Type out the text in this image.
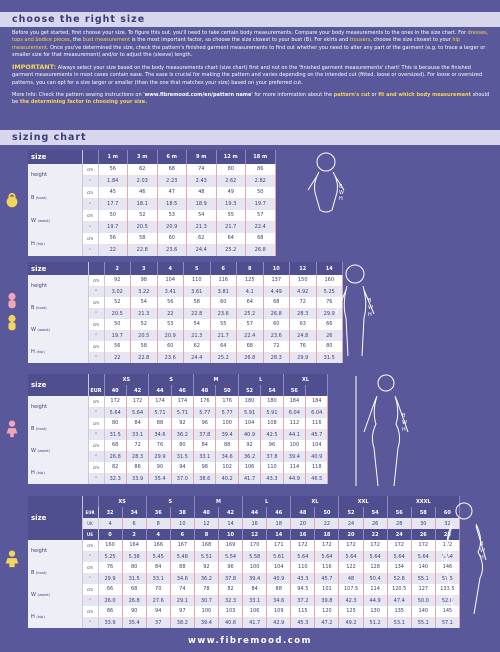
choose the right size

Before you get started, first choose your size. To figure this out, you'll need to take certain body measurements. Compare your body measurements to the ones in the size chart. For dresses, tops and bodice pieces, the bust measurement is the most important factor, so choose the size closest to your bust (B). For skirts and trousers, choose the size closest to your hip measurement. Once you've determined the size, check the pattern's finished garment measurements to find out whether you need to alter any part of the garment (e.g. to trace a larger or smaller size for that measurement) and/or to adjust the (sleeve) length.

IMPORTANT: Always select your size based on the body measurements chart (size chart) first and not on the 'finished garment measurements' chart! This is because the finished garment measurements in most cases contain ease. The ease is crucial for making the pattern and varies depending on the intended cut (fitted, loose or oversized). For loose or oversized patterns, you can opt for a size larger or smaller (than the one that matches your size) based on your preferred cut.

More Info: Check the pattern sewing instructions on 'www.fibremood.com/en/pattern name' for more information about the pattern's cut or fit and which body measurement should be the determining factor in choosing your size.

sizing chart
size		1 m	3 m	6 m	9 m	12 m	18 m
height	cm	56	62	68	74	80	86
	"	1.84	2.03	2.23	2.43	2.62	2.82
B (bust)	cm	45	46	47	48	49	50
	"	17.7	18.1	18.5	18.9	19.3	19.7
W (waist)	cm	50	52	53	54	55	57
	"	19.7	20.5	20.9	21.3	21.7	22.4
H (hip)	cm	56	58	60	62	64	68
	"	22	22.8	23.6	24.4	25.2	26.8
size		2	3	4	5	6	8	10	12	14
height	cm	92	98	104	110	116	125	137	150	160
	"	3.02	3.22	3.41	3.61	3.81	4.1	4.49	4.92	5.25
B (bust)	cm	52	54	56	58	60	64	68	72	76
	"	20.5	21.3	22	22.8	23.6	25.2	26.8	28.3	29.9
W (waist)	cm	50	52	53	54	55	57	60	63	66
	"	19.7	20.5	20.9	21.3	21.7	22.4	23.6	24.8	26
H (hip)	cm	56	58	60	62	64	68	72	76	80
	"	22	22.8	23.6	24.4	25.2	26.8	28.3	29.9	31.5
size		XS		S		M		L		XL	
	EUR	40	42	44	46	48	50	52	54	56	
height	cm	172	172	174	174	176	176	180	180	184	184
	"	5.64	5.64	5.71	5.71	5.77	5.77	5.91	5.91	6.04	6.04
B (bust)	cm	80	84	88	92	96	100	104	108	112	116
	"	31.5	33.1	34.6	36.2	37.8	39.4	40.9	42.5	44.1	45.7
W (waist)	cm	68	72	76	80	84	88	92	96	100	104
	"	26.8	28.3	29.9	31.5	33.1	34.6	36.2	37.8	39.4	40.9
H (hip)	cm	82	86	90	94	98	102	106	110	114	118
	"	32.3	33.9	35.4	37.0	38.6	40.2	41.7	43.3	44.9	46.5
size		XS		S		M		L		XL		XXL		XXXL		
	EUR	32	34	36	38	40	42	44	46	48	50	52	54	56	58	60
	UK	4	6	8	10	12	14	16	18	20	22	24	26	28	30	32
	US	0	2	4	6	8	10	12	14	16	18	20	22	24	26	28
height	cm	160	164	166	167	168	169	170	171	172	172	172	172	172	172	172
	"	5.25	5.38	5.45	5.48	5.51	5.54	5.58	5.61	5.64	5.64	5.64	5.64	5.64	5.64	5.64
B (bust)	cm	76	80	84	88	92	96	100	104	110	116	122	128	134	140	146
	"	29.9	31.5	33.1	34.6	36.2	37.8	39.4	40.9	43.3	45.7	48	50.4	52.8	55.1	57.5
W (waist)	cm	66	68	70	74	78	82	84	88	94.5	101	107.5	114	120.5	127	133.5
	"	26.0	26.8	27.6	29.1	30.7	32.3	33.1	34.6	37.2	39.8	42.3	44.9	47.4	50.0	52.6
H (hip)	cm	86	90	94	97	100	103	106	109	115	120	125	130	135	140	145
	"	33.9	35.4	37	38.2	39.4	40.6	41.7	42.9	45.3	47.2	49.2	51.2	53.1	55.1	57.1
B
W
H
B
W
H
B
W
H
B
W
H
www.fibremood.com
